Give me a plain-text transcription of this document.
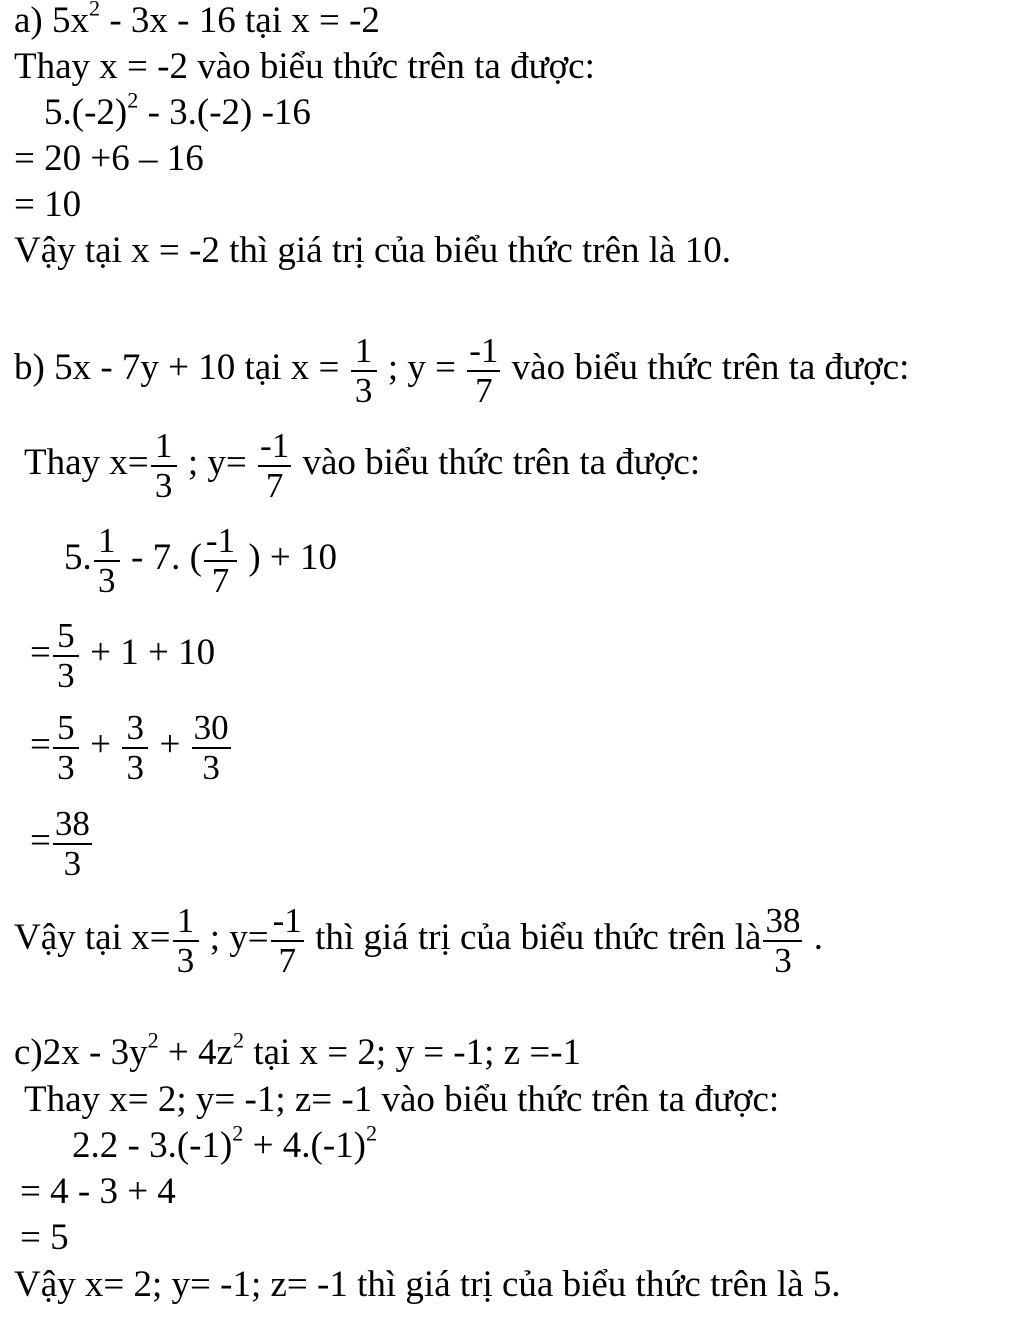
a) $5x^2 - 3x - 16$ tại x = -2
Thay x = -2 vào biểu thức trên ta được:
$5.(-2)^2 - 3.(-2)$ -16
= 20 +6 – 16
= 10
Vậy tại x = -2 thì giá trị của biểu thức trên là 10.
b) 5x - 7y + 10 tại $x = \frac{1}{3}$ ; $y = \frac{-1}{7}$ vào biểu thức trên ta được:
Thay $x= \frac{1}{3}$ ; $y= \frac{-1}{7}$ vào biểu thức trên ta được:
5. $\frac{1}{3} - 7$. ( $\frac{-1}{7}$ ) + 10
= $\frac{5}{3} + 1 + 10$
= $\frac{5}{3} + \frac{3}{3} + \frac{30}{3}$
= $\frac{38}{3}$
Vậy tại $x= \frac{1}{3}$ ; $y= \frac{-1}{7}$ thì giá trị của biểu thức trên là $\frac{38}{3}$ .
$c)2x - 3y^2 + 4z^2$ tại x = 2; y = -1; z =-1
Thay x= 2; y= -1; z= -1 vào biểu thức trên ta được:
$2.2 - 3.(-1)^2 + 4.(-1)^2$
= 4 - 3 + 4
= 5
Vậy x= 2; y= -1; z= -1 thì giá trị của biểu thức trên là 5.
